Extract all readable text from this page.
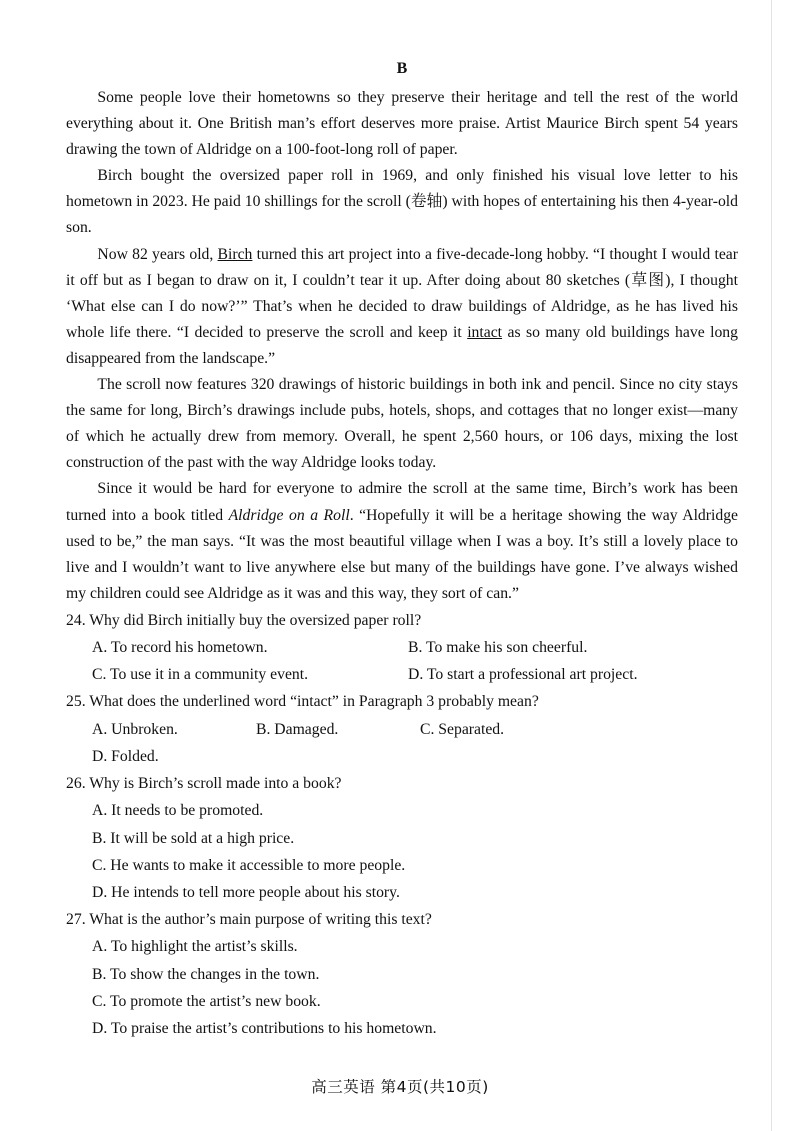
B

Some people love their hometowns so they preserve their heritage and tell the rest of the world everything about it. One British man’s effort deserves more praise. Artist Maurice Birch spent 54 years drawing the town of Aldridge on a 100-foot-long roll of paper.

Birch bought the oversized paper roll in 1969, and only finished his visual love letter to his hometown in 2023. He paid 10 shillings for the scroll (卷轴) with hopes of entertaining his then 4-year-old son.

Now 82 years old, Birch turned this art project into a five-decade-long hobby. “I thought I would tear it off but as I began to draw on it, I couldn’t tear it up. After doing about 80 sketches (草图), I thought ‘What else can I do now?’” That’s when he decided to draw buildings of Aldridge, as he has lived his whole life there. “I decided to preserve the scroll and keep it intact as so many old buildings have long disappeared from the landscape.”

The scroll now features 320 drawings of historic buildings in both ink and pencil. Since no city stays the same for long, Birch’s drawings include pubs, hotels, shops, and cottages that no longer exist—many of which he actually drew from memory. Overall, he spent 2,560 hours, or 106 days, mixing the lost construction of the past with the way Aldridge looks today.

Since it would be hard for everyone to admire the scroll at the same time, Birch’s work has been turned into a book titled Aldridge on a Roll. “Hopefully it will be a heritage showing the way Aldridge used to be,” the man says. “It was the most beautiful village when I was a boy. It’s still a lovely place to live and I wouldn’t want to live anywhere else but many of the buildings have gone. I’ve always wished my children could see Aldridge as it was and this way, they sort of can.”

24. Why did Birch initially buy the oversized paper roll?

A. To record his hometown.	B. To make his son cheerful.
C. To use it in a community event.	D. To start a professional art project.

25. What does the underlined word “intact” in Paragraph 3 probably mean?

A. Unbroken.	B. Damaged.	C. Separated.
D. Folded.

26. Why is Birch’s scroll made into a book?

A. It needs to be promoted.
B. It will be sold at a high price.
C. He wants to make it accessible to more people.
D. He intends to tell more people about his story.

27. What is the author’s main purpose of writing this text?

A. To highlight the artist’s skills.
B. To show the changes in the town.
C. To promote the artist’s new book.
D. To praise the artist’s contributions to his hometown.
高三英语 第4页(共10页)
